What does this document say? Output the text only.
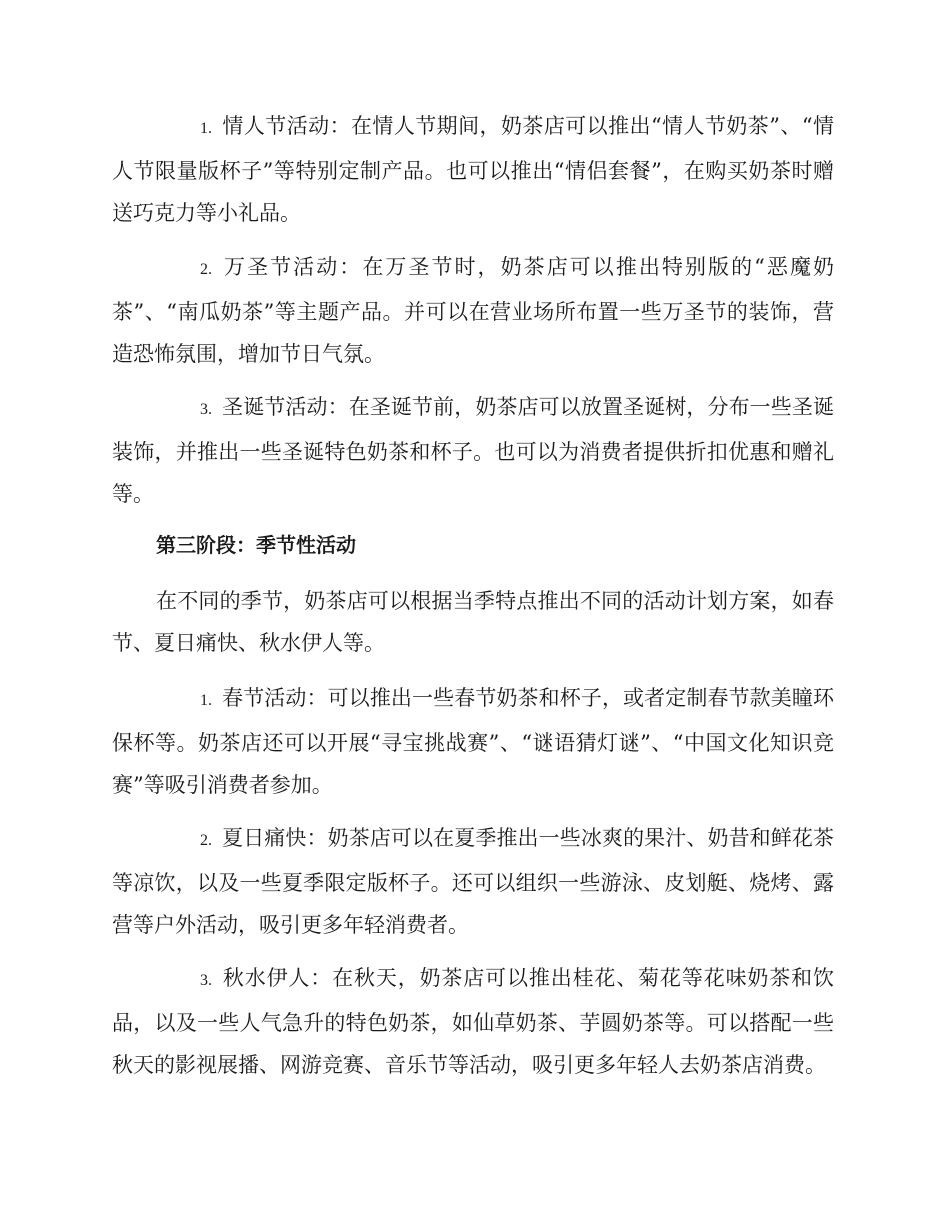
1. 情人节活动：在情人节期间，奶茶店可以推出“情人节奶茶”、“情人节限量版杯子”等特别定制产品。也可以推出“情侣套餐”，在购买奶茶时赠送巧克力等小礼品。

2. 万圣节活动：在万圣节时，奶茶店可以推出特别版的“恶魔奶茶”、“南瓜奶茶”等主题产品。并可以在营业场所布置一些万圣节的装饰，营造恐怖氛围，增加节日气氛。

3. 圣诞节活动：在圣诞节前，奶茶店可以放置圣诞树，分布一些圣诞装饰，并推出一些圣诞特色奶茶和杯子。也可以为消费者提供折扣优惠和赠礼等。

第三阶段：季节性活动

在不同的季节，奶茶店可以根据当季特点推出不同的活动计划方案，如春节、夏日痛快、秋水伊人等。

1. 春节活动：可以推出一些春节奶茶和杯子，或者定制春节款美瞳环保杯等。奶茶店还可以开展“寻宝挑战赛”、“谜语猜灯谜”、“中国文化知识竞赛”等吸引消费者参加。

2. 夏日痛快：奶茶店可以在夏季推出一些冰爽的果汁、奶昔和鲜花茶等凉饮，以及一些夏季限定版杯子。还可以组织一些游泳、皮划艇、烧烤、露营等户外活动，吸引更多年轻消费者。

3. 秋水伊人：在秋天，奶茶店可以推出桂花、菊花等花味奶茶和饮品，以及一些人气急升的特色奶茶，如仙草奶茶、芋圆奶茶等。可以搭配一些秋天的影视展播、网游竞赛、音乐节等活动，吸引更多年轻人去奶茶店消费。
